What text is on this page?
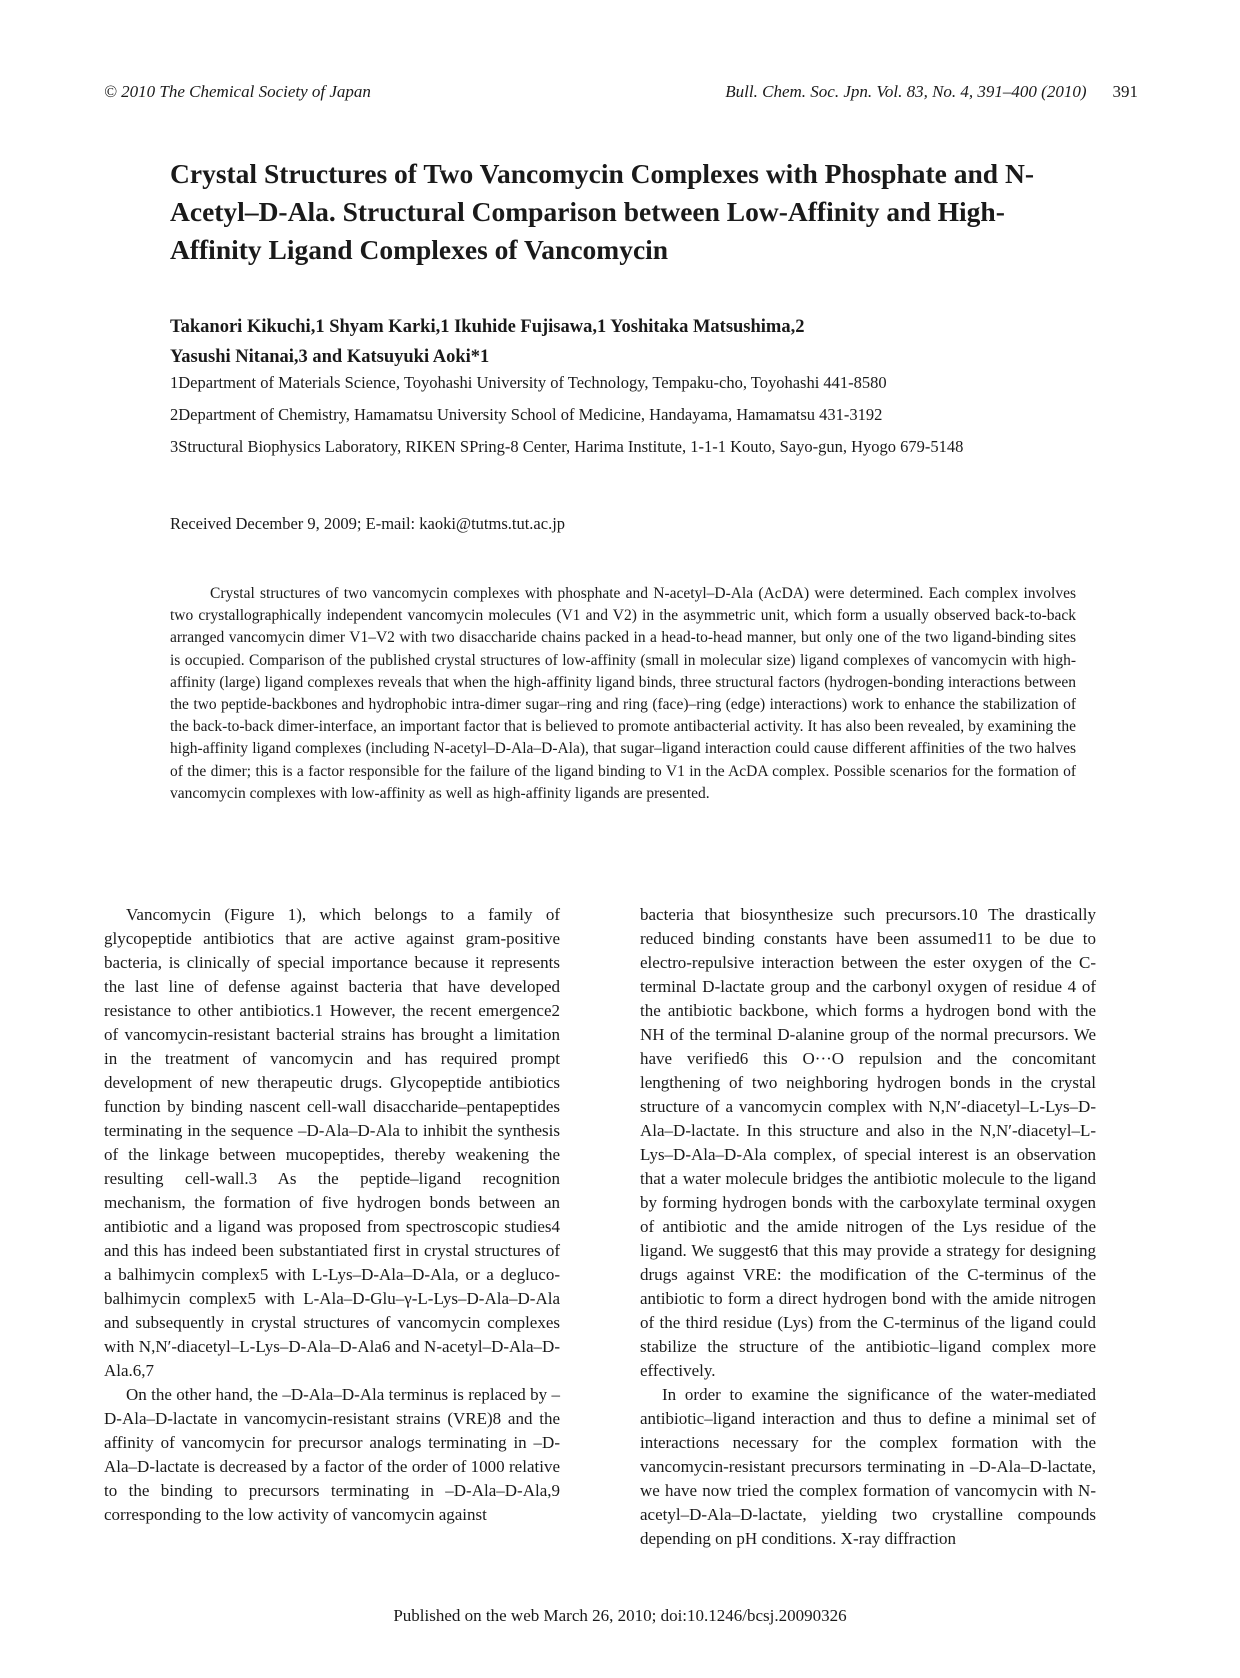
© 2010 The Chemical Society of Japan	Bull. Chem. Soc. Jpn. Vol. 83, No. 4, 391–400 (2010) 391
Crystal Structures of Two Vancomycin Complexes with Phosphate and N-Acetyl–D-Ala. Structural Comparison between Low-Affinity and High-Affinity Ligand Complexes of Vancomycin
Takanori Kikuchi,1 Shyam Karki,1 Ikuhide Fujisawa,1 Yoshitaka Matsushima,2
Yasushi Nitanai,3 and Katsuyuki Aoki*1

1Department of Materials Science, Toyohashi University of Technology, Tempaku-cho, Toyohashi 441-8580

2Department of Chemistry, Hamamatsu University School of Medicine, Handayama, Hamamatsu 431-3192

3Structural Biophysics Laboratory, RIKEN SPring-8 Center, Harima Institute, 1-1-1 Kouto, Sayo-gun, Hyogo 679-5148

Received December 9, 2009; E-mail: kaoki@tutms.tut.ac.jp

Crystal structures of two vancomycin complexes with phosphate and N-acetyl–D-Ala (AcDA) were determined. Each complex involves two crystallographically independent vancomycin molecules (V1 and V2) in the asymmetric unit, which form a usually observed back-to-back arranged vancomycin dimer V1–V2 with two disaccharide chains packed in a head-to-head manner, but only one of the two ligand-binding sites is occupied. Comparison of the published crystal structures of low-affinity (small in molecular size) ligand complexes of vancomycin with high-affinity (large) ligand complexes reveals that when the high-affinity ligand binds, three structural factors (hydrogen-bonding interactions between the two peptide-backbones and hydrophobic intra-dimer sugar–ring and ring (face)–ring (edge) interactions) work to enhance the stabilization of the back-to-back dimer-interface, an important factor that is believed to promote antibacterial activity. It has also been revealed, by examining the high-affinity ligand complexes (including N-acetyl–D-Ala–D-Ala), that sugar–ligand interaction could cause different affinities of the two halves of the dimer; this is a factor responsible for the failure of the ligand binding to V1 in the AcDA complex. Possible scenarios for the formation of vancomycin complexes with low-affinity as well as high-affinity ligands are presented.

Vancomycin (Figure 1), which belongs to a family of glycopeptide antibiotics that are active against gram-positive bacteria, is clinically of special importance because it represents the last line of defense against bacteria that have developed resistance to other antibiotics.1 However, the recent emergence2 of vancomycin-resistant bacterial strains has brought a limitation in the treatment of vancomycin and has required prompt development of new therapeutic drugs. Glycopeptide antibiotics function by binding nascent cell-wall disaccharide–pentapeptides terminating in the sequence –D-Ala–D-Ala to inhibit the synthesis of the linkage between mucopeptides, thereby weakening the resulting cell-wall.3 As the peptide–ligand recognition mechanism, the formation of five hydrogen bonds between an antibiotic and a ligand was proposed from spectroscopic studies4 and this has indeed been substantiated first in crystal structures of a balhimycin complex5 with L-Lys–D-Ala–D-Ala, or a degluco-balhimycin complex5 with L-Ala–D-Glu–γ-L-Lys–D-Ala–D-Ala and subsequently in crystal structures of vancomycin complexes with N,N′-diacetyl–L-Lys–D-Ala–D-Ala6 and N-acetyl–D-Ala–D-Ala.6,7

On the other hand, the –D-Ala–D-Ala terminus is replaced by –D-Ala–D-lactate in vancomycin-resistant strains (VRE)8 and the affinity of vancomycin for precursor analogs terminating in –D-Ala–D-lactate is decreased by a factor of the order of 1000 relative to the binding to precursors terminating in –D-Ala–D-Ala,9 corresponding to the low activity of vancomycin against

bacteria that biosynthesize such precursors.10 The drastically reduced binding constants have been assumed11 to be due to electro-repulsive interaction between the ester oxygen of the C-terminal D-lactate group and the carbonyl oxygen of residue 4 of the antibiotic backbone, which forms a hydrogen bond with the NH of the terminal D-alanine group of the normal precursors. We have verified6 this O···O repulsion and the concomitant lengthening of two neighboring hydrogen bonds in the crystal structure of a vancomycin complex with N,N′-diacetyl–L-Lys–D-Ala–D-lactate. In this structure and also in the N,N′-diacetyl–L-Lys–D-Ala–D-Ala complex, of special interest is an observation that a water molecule bridges the antibiotic molecule to the ligand by forming hydrogen bonds with the carboxylate terminal oxygen of antibiotic and the amide nitrogen of the Lys residue of the ligand. We suggest6 that this may provide a strategy for designing drugs against VRE: the modification of the C-terminus of the antibiotic to form a direct hydrogen bond with the amide nitrogen of the third residue (Lys) from the C-terminus of the ligand could stabilize the structure of the antibiotic–ligand complex more effectively.

In order to examine the significance of the water-mediated antibiotic–ligand interaction and thus to define a minimal set of interactions necessary for the complex formation with the vancomycin-resistant precursors terminating in –D-Ala–D-lactate, we have now tried the complex formation of vancomycin with N-acetyl–D-Ala–D-lactate, yielding two crystalline compounds depending on pH conditions. X-ray diffraction

Published on the web March 26, 2010; doi:10.1246/bcsj.20090326
